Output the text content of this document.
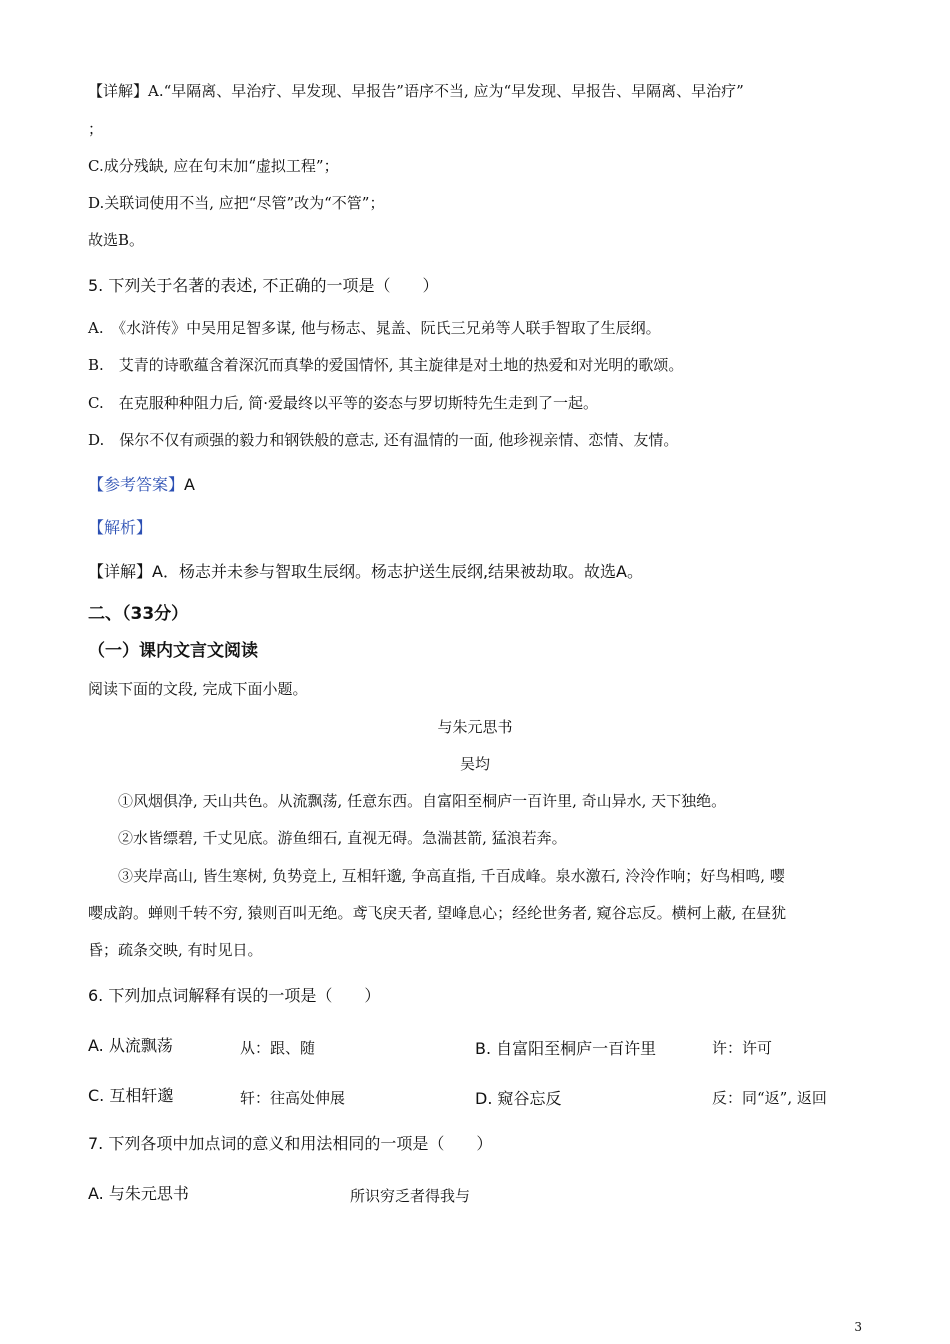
【详解】A.“早隔离、早治疗、早发现、早报告”语序不当, 应为“早发现、早报告、早隔离、早治疗”
；
C.成分残缺, 应在句末加“虚拟工程”；
D.关联词使用不当, 应把“尽管”改为“不管”；
故选B。
5. 下列关于名著的表述, 不正确的一项是（　　）
A.　《水浒传》中吴用足智多谋, 他与杨志、晁盖、阮氏三兄弟等人联手智取了生辰纲。
B.　艾青的诗歌蕴含着深沉而真挚的爱国情怀, 其主旋律是对土地的热爱和对光明的歌颂。
C.　在克服种种阻力后, 简·爱最终以平等的姿态与罗切斯特先生走到了一起。
D.　保尔不仅有顽强的毅力和钢铁般的意志, 还有温情的一面, 他珍视亲情、恋情、友情。
【参考答案】A
【解析】
【详解】A．杨志并未参与智取生辰纲。杨志护送生辰纲,结果被劫取。故选A。
二、（33分）
（一）课内文言文阅读
阅读下面的文段, 完成下面小题。
与朱元思书
吴均
①风烟俱净, 天山共色。从流飘荡, 任意东西。自富阳至桐庐一百许里, 奇山异水, 天下独绝。
②水皆缥碧, 千丈见底。游鱼细石, 直视无碍。急湍甚箭, 猛浪若奔。
③夹岸高山, 皆生寒树, 负势竞上, 互相轩邈, 争高直指, 千百成峰。泉水激石, 泠泠作响；好鸟相鸣, 嘤
嘤成韵。蝉则千转不穷, 猿则百叫无绝。鸢飞戾天者, 望峰息心；经纶世务者, 窥谷忘反。横柯上蔽, 在昼犹
昏；疏条交映, 有时见日。
6. 下列加点词解释有误的一项是（　　）
A. 从流飘荡	从：跟、随	B. 自富阳至桐庐一百许里	许：许可
C. 互相轩邈	轩：往高处伸展	D. 窥谷忘反	反：同“返”, 返回
7. 下列各项中加点词的意义和用法相同的一项是（　　）
A. 与朱元思书	所识穷乏者得我与
3
